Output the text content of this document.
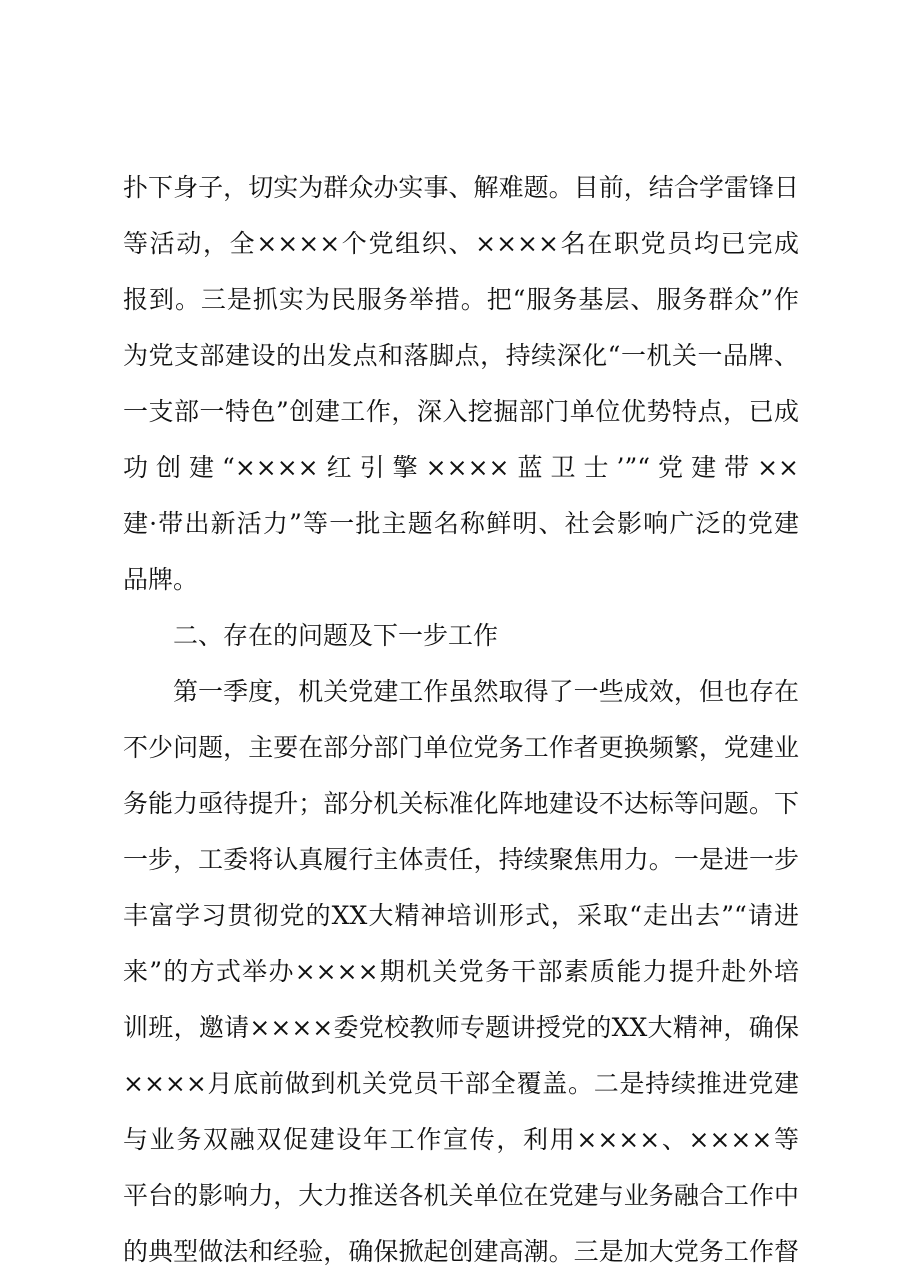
扑下身子，切实为群众办实事、解难题。目前，结合学雷锋日
等活动，全××××个党组织、××××名在职党员均已完成
报到。三是抓实为民服务举措。把“服务基层、服务群众”作
为党支部建设的出发点和落脚点，持续深化“一机关一品牌、
一支部一特色”创建工作，深入挖掘部门单位优势特点，已成
功创建“××××红引擎××××蓝卫士’”“党建带××
建·带出新活力”等一批主题名称鲜明、社会影响广泛的党建
品牌。
二、存在的问题及下一步工作
第一季度，机关党建工作虽然取得了一些成效，但也存在
不少问题，主要在部分部门单位党务工作者更换频繁，党建业
务能力亟待提升；部分机关标准化阵地建设不达标等问题。下
一步，工委将认真履行主体责任，持续聚焦用力。一是进一步
丰富学习贯彻党的XX大精神培训形式，采取“走出去”“请进
来”的方式举办××××期机关党务干部素质能力提升赴外培
训班，邀请××××委党校教师专题讲授党的XX大精神，确保
××××月底前做到机关党员干部全覆盖。二是持续推进党建
与业务双融双促建设年工作宣传，利用××××、××××等
平台的影响力，大力推送各机关单位在党建与业务融合工作中
的典型做法和经验，确保掀起创建高潮。三是加大党务工作督
